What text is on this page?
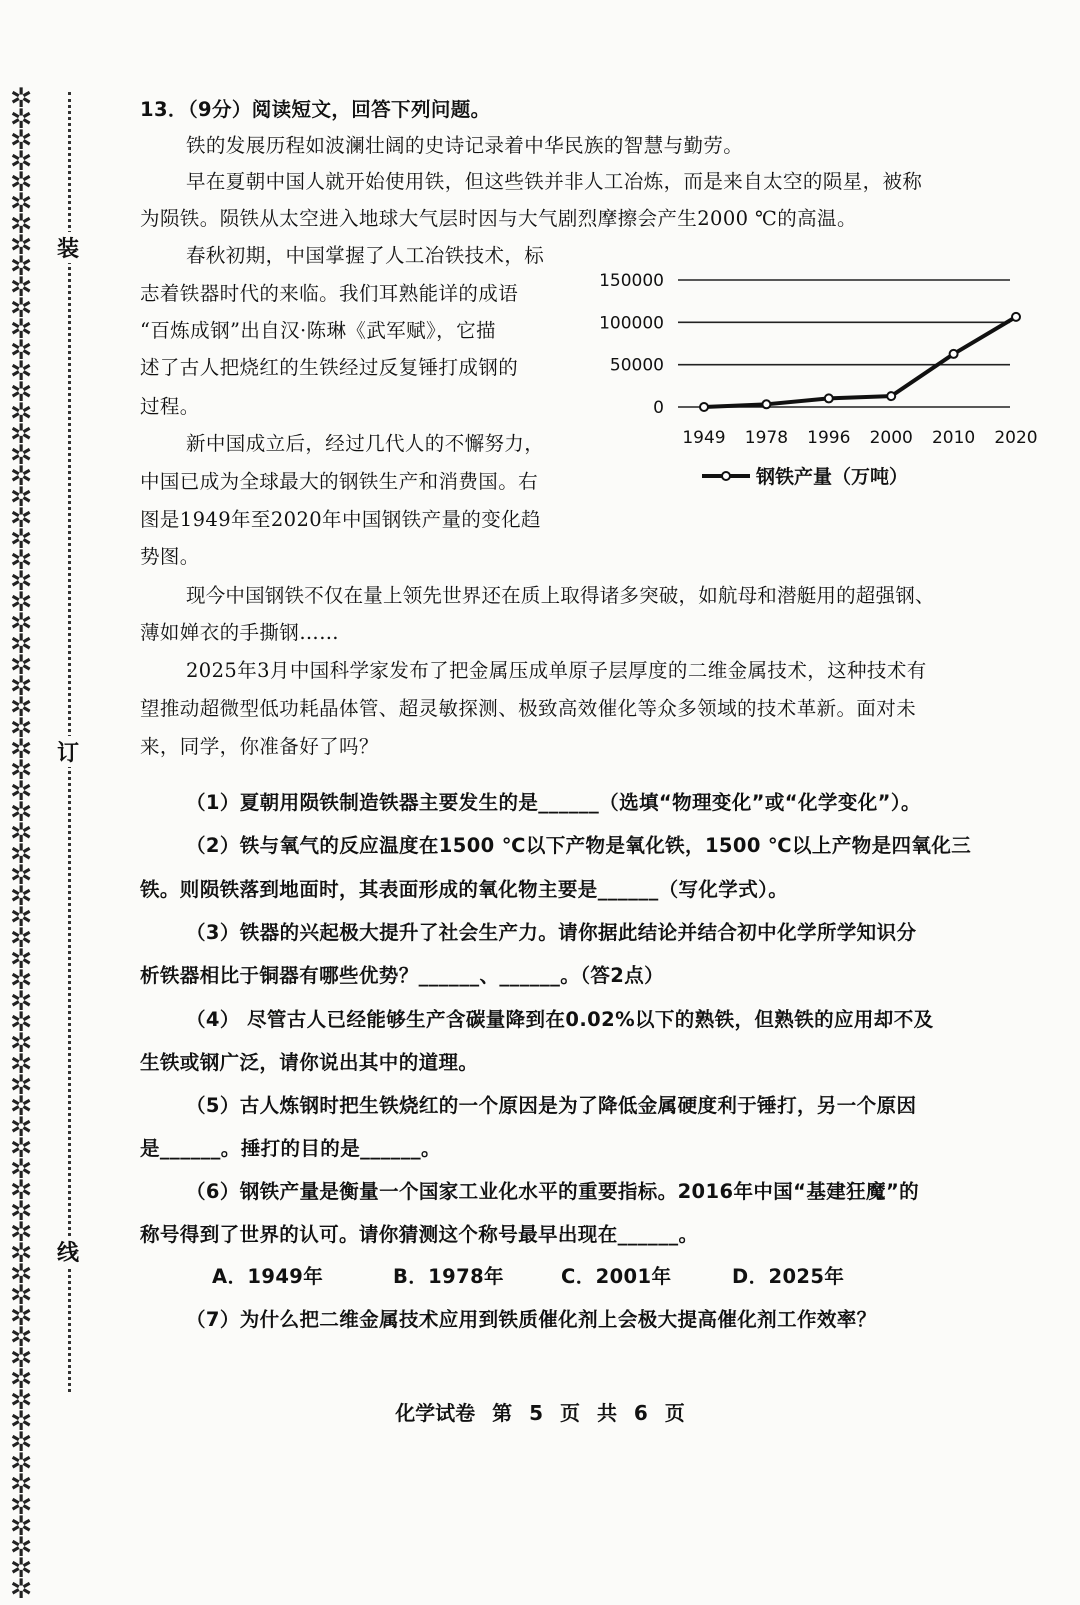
✲✲✲✲✲✲✲✲✲✲✲✲✲✲✲✲✲✲✲✲✲✲✲✲✲✲✲✲✲✲✲✲✲✲✲✲✲✲✲✲✲✲✲✲✲✲✲✲✲✲✲✲✲✲✲✲✲✲✲✲✲✲✲✲✲✲✲✲✲✲✲✲
装
订
线
13．（9分）阅读短文，回答下列问题。
铁的发展历程如波澜壮阔的史诗记录着中华民族的智慧与勤劳。
早在夏朝中国人就开始使用铁，但这些铁并非人工冶炼，而是来自太空的陨星，被称
为陨铁。陨铁从太空进入地球大气层时因与大气剧烈摩擦会产生2000 ℃的高温。
春秋初期，中国掌握了人工冶铁技术，标
志着铁器时代的来临。我们耳熟能详的成语
“百炼成钢”出自汉·陈琳《武军赋》，它描
述了古人把烧红的生铁经过反复锤打成钢的
过程。
新中国成立后，经过几代人的不懈努力，
中国已成为全球最大的钢铁生产和消费国。右
图是1949年至2020年中国钢铁产量的变化趋
势图。
现今中国钢铁不仅在量上领先世界还在质上取得诸多突破，如航母和潜艇用的超强钢、
薄如婵衣的手撕钢……
2025年3月中国科学家发布了把金属压成单原子层厚度的二维金属技术，这种技术有
望推动超微型低功耗晶体管、超灵敏探测、极致高效催化等众多领域的技术革新。面对未
来，同学，你准备好了吗？
（1）夏朝用陨铁制造铁器主要发生的是______（选填“物理变化”或“化学变化”）。
（2）铁与氧气的反应温度在1500 ℃以下产物是氧化铁，1500 ℃以上产物是四氧化三
铁。则陨铁落到地面时，其表面形成的氧化物主要是______（写化学式）。
（3）铁器的兴起极大提升了社会生产力。请你据此结论并结合初中化学所学知识分
析铁器相比于铜器有哪些优势？______、______。（答2点）
（4） 尽管古人已经能够生产含碳量降到在0.02%以下的熟铁，但熟铁的应用却不及
生铁或钢广泛，请你说出其中的道理。
（5）古人炼钢时把生铁烧红的一个原因是为了降低金属硬度利于锤打，另一个原因
是______。捶打的目的是______。
（6）钢铁产量是衡量一个国家工业化水平的重要指标。2016年中国“基建狂魔”的
称号得到了世界的认可。请你猜测这个称号最早出现在______。
A．1949年	B．1978年	C．2001年	D．2025年
（7）为什么把二维金属技术应用到铁质催化剂上会极大提高催化剂工作效率？
0
50000
100000
150000
1949 1978 1996 2000 2010 2020
钢铁产量（万吨）
化学试卷 第 5 页 共 6 页
